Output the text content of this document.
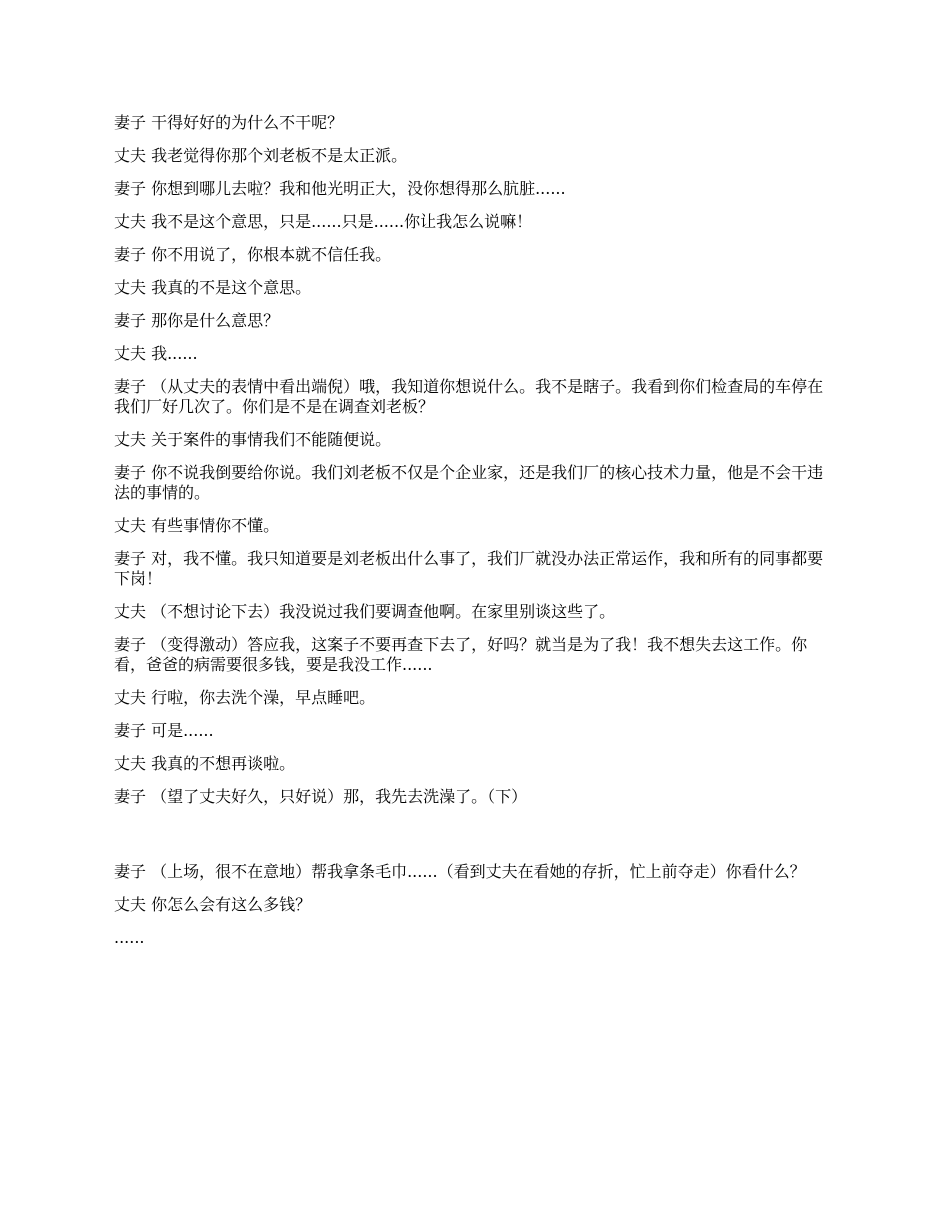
妻子 干得好好的为什么不干呢？

丈夫 我老觉得你那个刘老板不是太正派。

妻子 你想到哪儿去啦？我和他光明正大，没你想得那么肮脏......

丈夫 我不是这个意思，只是......只是......你让我怎么说嘛！

妻子 你不用说了，你根本就不信任我。

丈夫 我真的不是这个意思。

妻子 那你是什么意思？

丈夫 我......

妻子 （从丈夫的表情中看出端倪）哦，我知道你想说什么。我不是瞎子。我看到你们检查局的车停在我们厂好几次了。你们是不是在调查刘老板？

丈夫 关于案件的事情我们不能随便说。

妻子 你不说我倒要给你说。我们刘老板不仅是个企业家，还是我们厂的核心技术力量，他是不会干违法的事情的。

丈夫 有些事情你不懂。

妻子 对，我不懂。我只知道要是刘老板出什么事了，我们厂就没办法正常运作，我和所有的同事都要下岗！

丈夫 （不想讨论下去）我没说过我们要调查他啊。在家里别谈这些了。

妻子 （变得激动）答应我，这案子不要再查下去了，好吗？就当是为了我！我不想失去这工作。你看，爸爸的病需要很多钱，要是我没工作......

丈夫 行啦，你去洗个澡，早点睡吧。

妻子 可是......

丈夫 我真的不想再谈啦。

妻子 （望了丈夫好久，只好说）那，我先去洗澡了。（下）

妻子 （上场，很不在意地）帮我拿条毛巾......（看到丈夫在看她的存折，忙上前夺走）你看什么？

丈夫 你怎么会有这么多钱？

......
